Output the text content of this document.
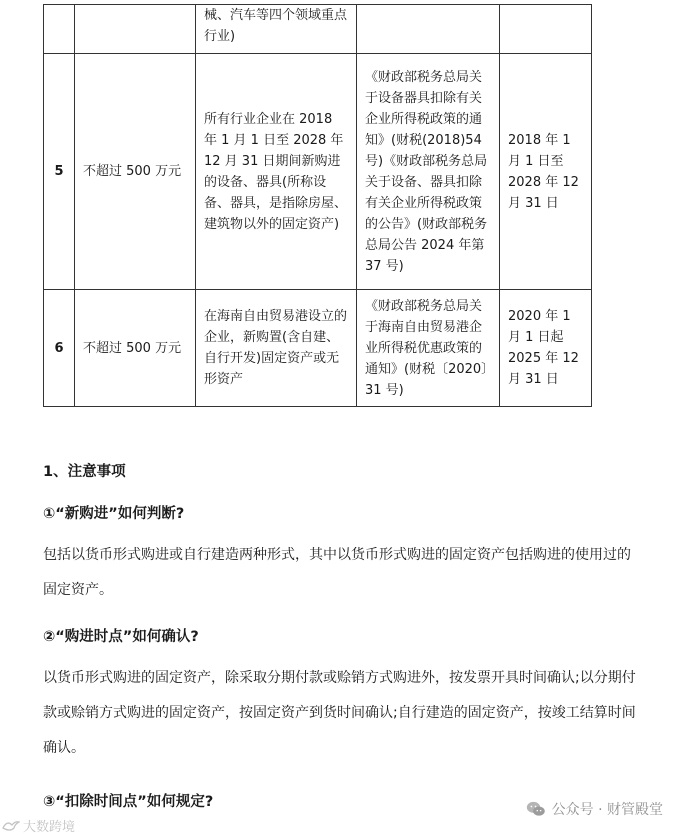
		械、汽车等四个领域重点行业)		
5	不超过 500 万元	所有行业企业在 2018 年 1 月 1 日至 2028 年 12 月 31 日期间新购进的设备、器具(所称设备、器具，是指除房屋、建筑物以外的固定资产)	《财政部税务总局关于设备器具扣除有关企业所得税政策的通知》(财税(2018)54 号)《财政部税务总局关于设备、器具扣除有关企业所得税政策的公告》(财政部税务总局公告 2024 年第 37 号)	2018 年 1 月 1 日至 2028 年 12 月 31 日
6	不超过 500 万元	在海南自由贸易港设立的企业，新购置(含自建、自行开发)固定资产或无形资产	《财政部税务总局关于海南自由贸易港企业所得税优惠政策的通知》(财税〔2020〕31 号)	2020 年 1 月 1 日起 2025 年 12 月 31 日

1、注意事项

①“新购进”如何判断?

包括以货币形式购进或自行建造两种形式，其中以货币形式购进的固定资产包括购进的使用过的固定资产。

②“购进时点”如何确认?

以货币形式购进的固定资产，除采取分期付款或赊销方式购进外，按发票开具时间确认;以分期付款或赊销方式购进的固定资产，按固定资产到货时间确认;自行建造的固定资产，按竣工结算时间确认。

③“扣除时间点”如何规定?	公众号 · 财管殿堂
大数跨境
